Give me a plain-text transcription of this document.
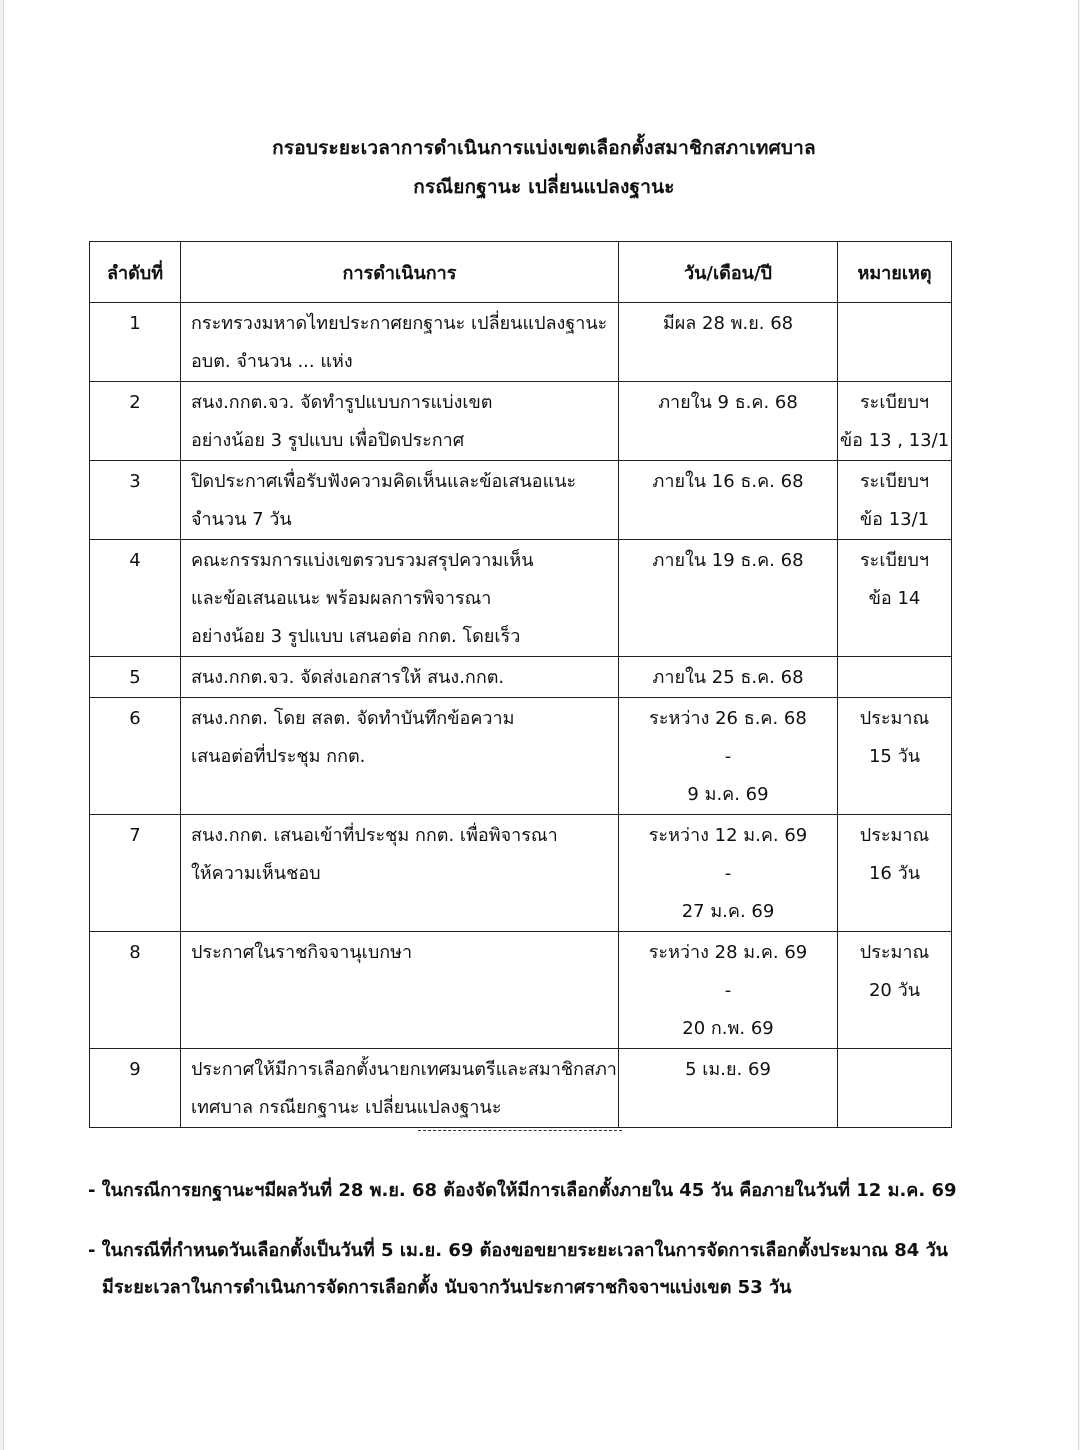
กรอบระยะเวลาการดำเนินการแบ่งเขตเลือกตั้งสมาชิกสภาเทศบาล
กรณียกฐานะ เปลี่ยนแปลงฐานะ
ลำดับที่	การดำเนินการ	วัน/เดือน/ปี	หมายเหตุ
1	กระทรวงมหาดไทยประกาศยกฐานะ เปลี่ยนแปลงฐานะ
อบต. จำนวน ... แห่ง	มีผล 28 พ.ย. 68	

2	สนง.กกต.จว. จัดทำรูปแบบการแบ่งเขต
อย่างน้อย 3 รูปแบบ เพื่อปิดประกาศ	ภายใน 9 ธ.ค. 68	ระเบียบฯ
ข้อ 13 , 13/1

3	ปิดประกาศเพื่อรับฟังความคิดเห็นและข้อเสนอแนะ
จำนวน 7 วัน	ภายใน 16 ธ.ค. 68	ระเบียบฯ
ข้อ 13/1

4	คณะกรรมการแบ่งเขตรวบรวมสรุปความเห็น
และข้อเสนอแนะ พร้อมผลการพิจารณา
อย่างน้อย 3 รูปแบบ เสนอต่อ กกต. โดยเร็ว	ภายใน 19 ธ.ค. 68	ระเบียบฯ
ข้อ 14

5	สนง.กกต.จว. จัดส่งเอกสารให้ สนง.กกต.	ภายใน 25 ธ.ค. 68	

6	สนง.กกต. โดย สลต. จัดทำบันทึกข้อความ
เสนอต่อที่ประชุม กกต.	ระหว่าง 26 ธ.ค. 68
-
9 ม.ค. 69	ประมาณ
15 วัน

7	สนง.กกต. เสนอเข้าที่ประชุม กกต. เพื่อพิจารณา
ให้ความเห็นชอบ	ระหว่าง 12 ม.ค. 69
-
27 ม.ค. 69	ประมาณ
16 วัน

8	ประกาศในราชกิจจานุเบกษา	ระหว่าง 28 ม.ค. 69
-
20 ก.พ. 69	ประมาณ
20 วัน

9	ประกาศให้มีการเลือกตั้งนายกเทศมนตรีและสมาชิกสภา
เทศบาล กรณียกฐานะ เปลี่ยนแปลงฐานะ	5 เม.ย. 69	

- ในกรณีการยกฐานะฯมีผลวันที่ 28 พ.ย. 68 ต้องจัดให้มีการเลือกตั้งภายใน 45 วัน คือภายในวันที่ 12 ม.ค. 69
- ในกรณีที่กำหนดวันเลือกตั้งเป็นวันที่ 5 เม.ย. 69 ต้องขอขยายระยะเวลาในการจัดการเลือกตั้งประมาณ 84 วัน
มีระยะเวลาในการดำเนินการจัดการเลือกตั้ง นับจากวันประกาศราชกิจจาฯแบ่งเขต 53 วัน
